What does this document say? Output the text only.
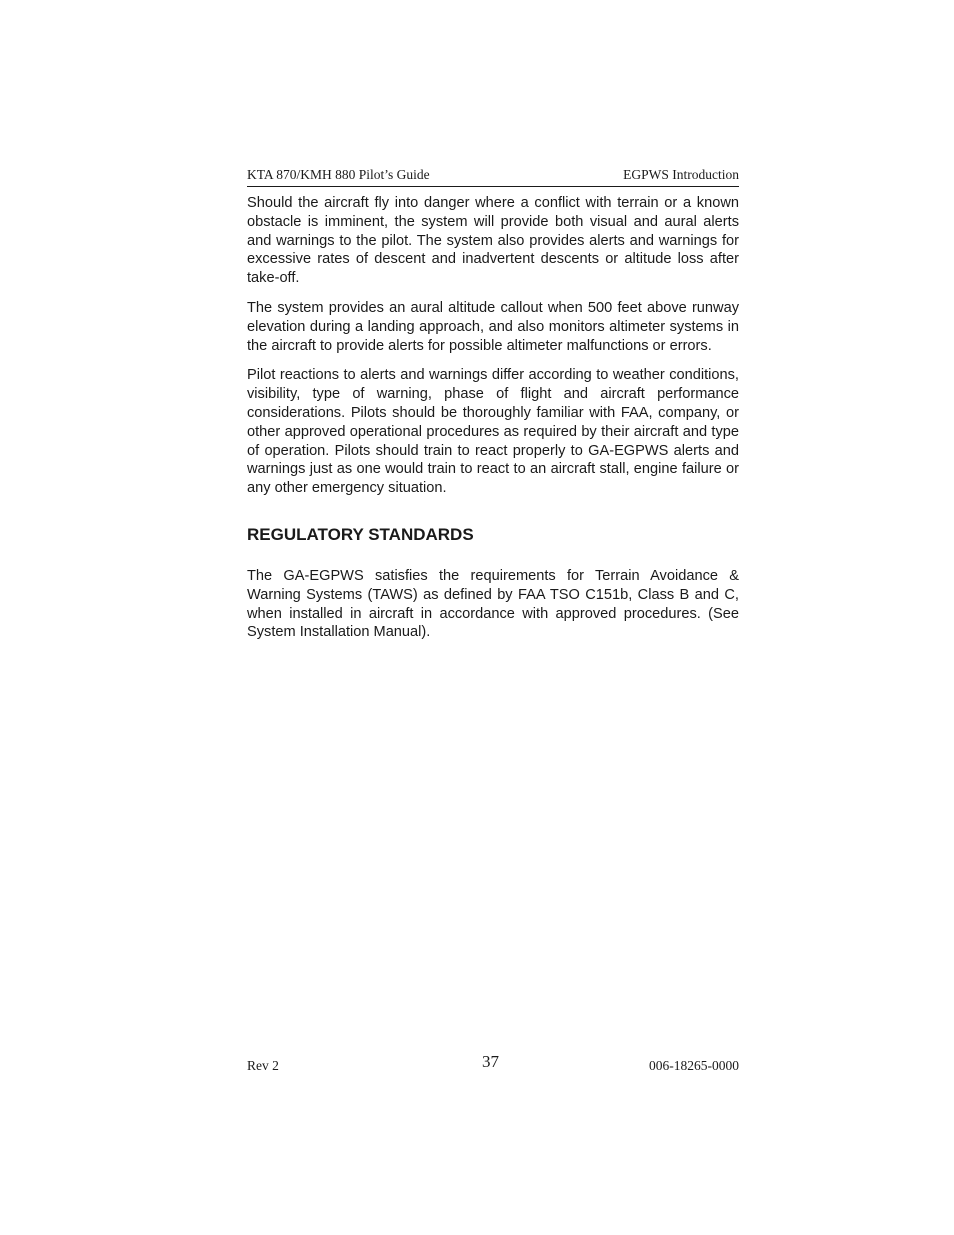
KTA 870/KMH 880 Pilot’s Guide	EGPWS Introduction

Should the aircraft fly into danger where a conflict with terrain or a known obstacle is imminent, the system will provide both visual and aural alerts and warnings to the pilot. The system also provides alerts and warnings for excessive rates of descent and inadvertent descents or altitude loss after take-off.

The system provides an aural altitude callout when 500 feet above runway elevation during a landing approach, and also monitors altimeter systems in the aircraft to provide alerts for possible altimeter malfunctions or errors.

Pilot reactions to alerts and warnings differ according to weather conditions, visibility, type of warning, phase of flight and aircraft performance considerations. Pilots should be thoroughly familiar with FAA, company, or other approved operational procedures as required by their aircraft and type of operation. Pilots should train to react properly to GA-EGPWS alerts and warnings just as one would train to react to an aircraft stall, engine failure or any other emergency situation.

REGULATORY STANDARDS

The GA-EGPWS satisfies the requirements for Terrain Avoidance & Warning Systems (TAWS) as defined by FAA TSO C151b, Class B and C, when installed in aircraft in accordance with approved procedures. (See System Installation Manual).

Rev 2	37	006-18265-0000
